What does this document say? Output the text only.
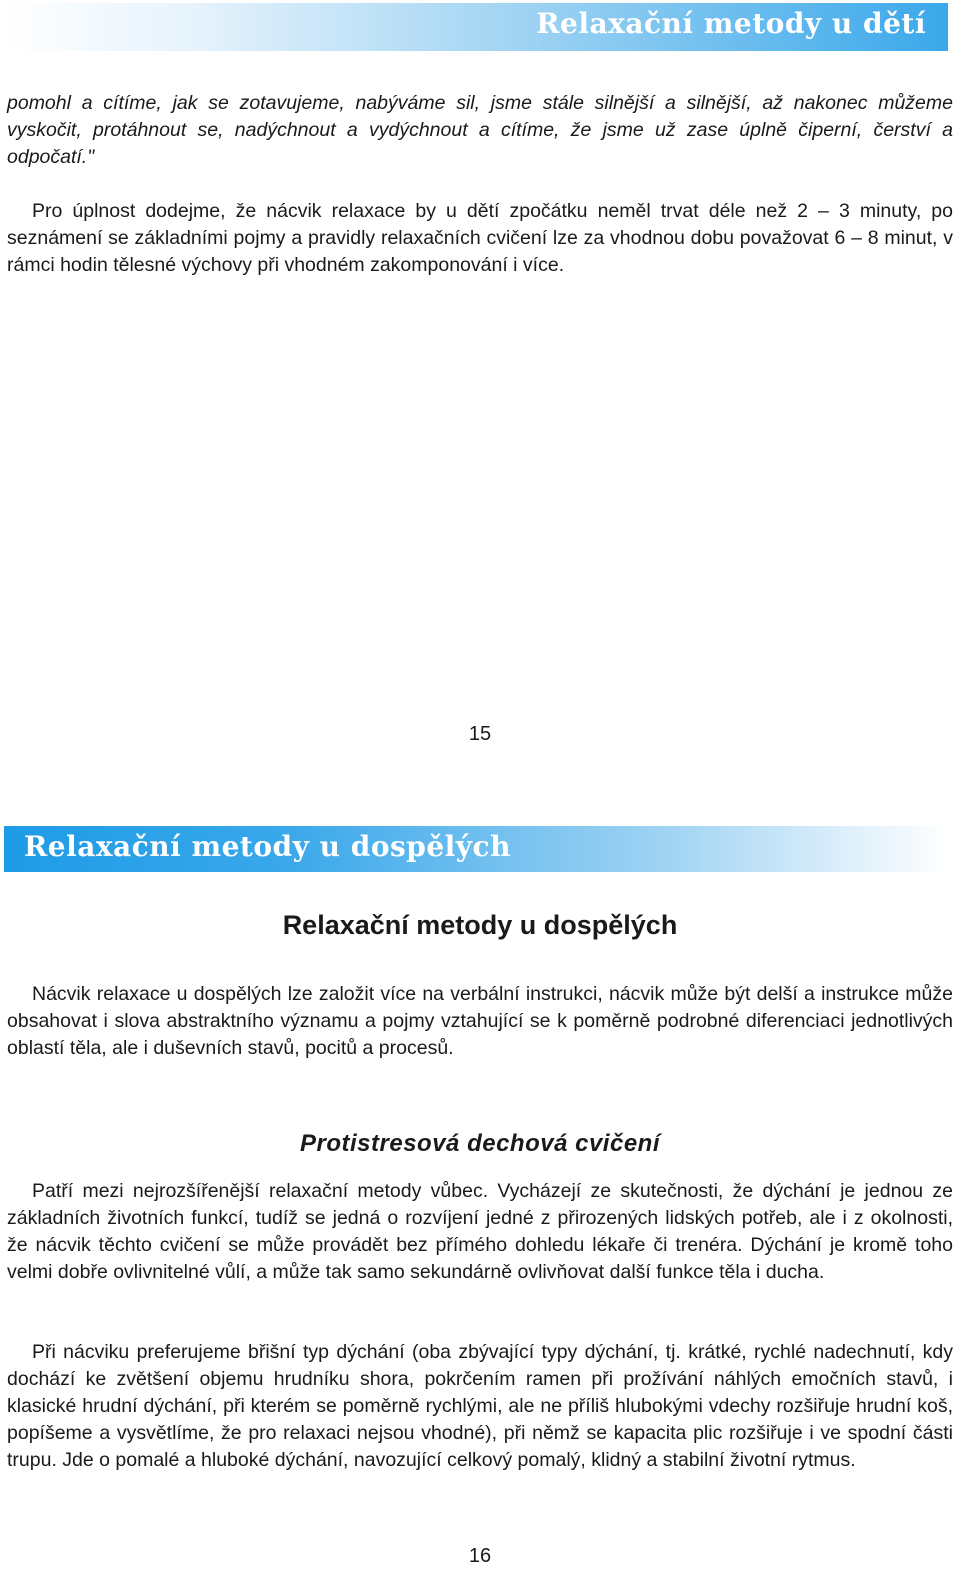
Relaxační metody u dětí

pomohl a cítíme, jak se zotavujeme, nabýváme sil, jsme stále silnější a silnější, až nakonec můžeme vyskočit, protáhnout se, nadýchnout a vydýchnout a cítíme, že jsme už zase úplně čiperní, čerství a odpočatí."

Pro úplnost dodejme, že nácvik relaxace by u dětí zpočátku neměl trvat déle než 2 – 3 minuty, po seznámení se základními pojmy a pravidly relaxačních cvičení lze za vhodnou dobu považovat 6 – 8 minut, v rámci hodin tělesné výchovy při vhodném zakomponování i více.

15
Relaxační metody u dospělých
Relaxační metody u dospělých

Nácvik relaxace u dospělých lze založit více na verbální instrukci, nácvik může být delší a instrukce může obsahovat i slova abstraktního významu a pojmy vztahující se k poměrně podrobné diferenciaci jednotlivých oblastí těla, ale i duševních stavů, pocitů a procesů.

Protistresová dechová cvičení

Patří mezi nejrozšířenější relaxační metody vůbec. Vycházejí ze skutečnosti, že dýchání je jednou ze základních životních funkcí, tudíž se jedná o rozvíjení jedné z přirozených lidských potřeb, ale i z okolnosti, že nácvik těchto cvičení se může provádět bez přímého dohledu lékaře či trenéra. Dýchání je kromě toho velmi dobře ovlivnitelné vůlí, a může tak samo sekundárně ovlivňovat další funkce těla i ducha.

Při nácviku preferujeme břišní typ dýchání (oba zbývající typy dýchání, tj. krátké, rychlé nadechnutí, kdy dochází ke zvětšení objemu hrudníku shora, pokrčením ramen při prožívání náhlých emočních stavů, i klasické hrudní dýchání, při kterém se poměrně rychlými, ale ne příliš hlubokými vdechy rozšiřuje hrudní koš, popíšeme a vysvětlíme, že pro relaxaci nejsou vhodné), při němž se kapacita plic rozšiřuje i ve spodní části trupu. Jde o pomalé a hluboké dýchání, navozující celkový pomalý, klidný a stabilní životní rytmus.

16
